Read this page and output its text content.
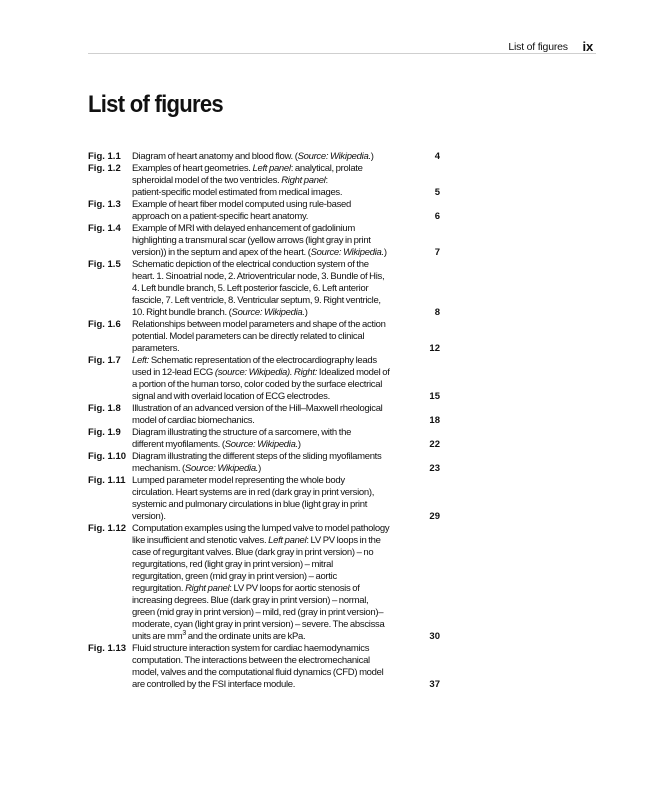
List of figures ix
List of figures
Fig. 1.1 Diagram of heart anatomy and blood flow. (Source: Wikipedia.)	4
Fig. 1.2 Examples of heart geometries. Left panel: analytical, prolate
spheroidal model of the two ventricles. Right panel:
patient-specific model estimated from medical images.	5
Fig. 1.3 Example of heart fiber model computed using rule-based
approach on a patient-specific heart anatomy.	6
Fig. 1.4 Example of MRI with delayed enhancement of gadolinium
highlighting a transmural scar (yellow arrows (light gray in print
version)) in the septum and apex of the heart. (Source: Wikipedia.)	7
Fig. 1.5 Schematic depiction of the electrical conduction system of the
heart. 1. Sinoatrial node, 2. Atrioventricular node, 3. Bundle of His,
4. Left bundle branch, 5. Left posterior fascicle, 6. Left anterior
fascicle, 7. Left ventricle, 8. Ventricular septum, 9. Right ventricle,
10. Right bundle branch. (Source: Wikipedia.)	8
Fig. 1.6 Relationships between model parameters and shape of the action
potential. Model parameters can be directly related to clinical
parameters.	12
Fig. 1.7 Left: Schematic representation of the electrocardiography leads
used in 12-lead ECG (source: Wikipedia). Right: Idealized model of
a portion of the human torso, color coded by the surface electrical
signal and with overlaid location of ECG electrodes.	15
Fig. 1.8 Illustration of an advanced version of the Hill–Maxwell rheological
model of cardiac biomechanics.	18
Fig. 1.9 Diagram illustrating the structure of a sarcomere, with the
different myofilaments. (Source: Wikipedia.)	22
Fig. 1.10 Diagram illustrating the different steps of the sliding myofilaments
mechanism. (Source: Wikipedia.)	23
Fig. 1.11 Lumped parameter model representing the whole body
circulation. Heart systems are in red (dark gray in print version),
systemic and pulmonary circulations in blue (light gray in print
version).	29
Fig. 1.12 Computation examples using the lumped valve to model pathology
like insufficient and stenotic valves. Left panel: LV PV loops in the
case of regurgitant valves. Blue (dark gray in print version) – no
regurgitations, red (light gray in print version) – mitral
regurgitation, green (mid gray in print version) – aortic
regurgitation. Right panel: LV PV loops for aortic stenosis of
increasing degrees. Blue (dark gray in print version) – normal,
green (mid gray in print version) – mild, red (gray in print version)–
moderate, cyan (light gray in print version) – severe. The abscissa
units are $mm^3$ and the ordinate units are kPa.	30
Fig. 1.13 Fluid structure interaction system for cardiac haemodynamics
computation. The interactions between the electromechanical
model, valves and the computational fluid dynamics (CFD) model
are controlled by the FSI interface module.	37
